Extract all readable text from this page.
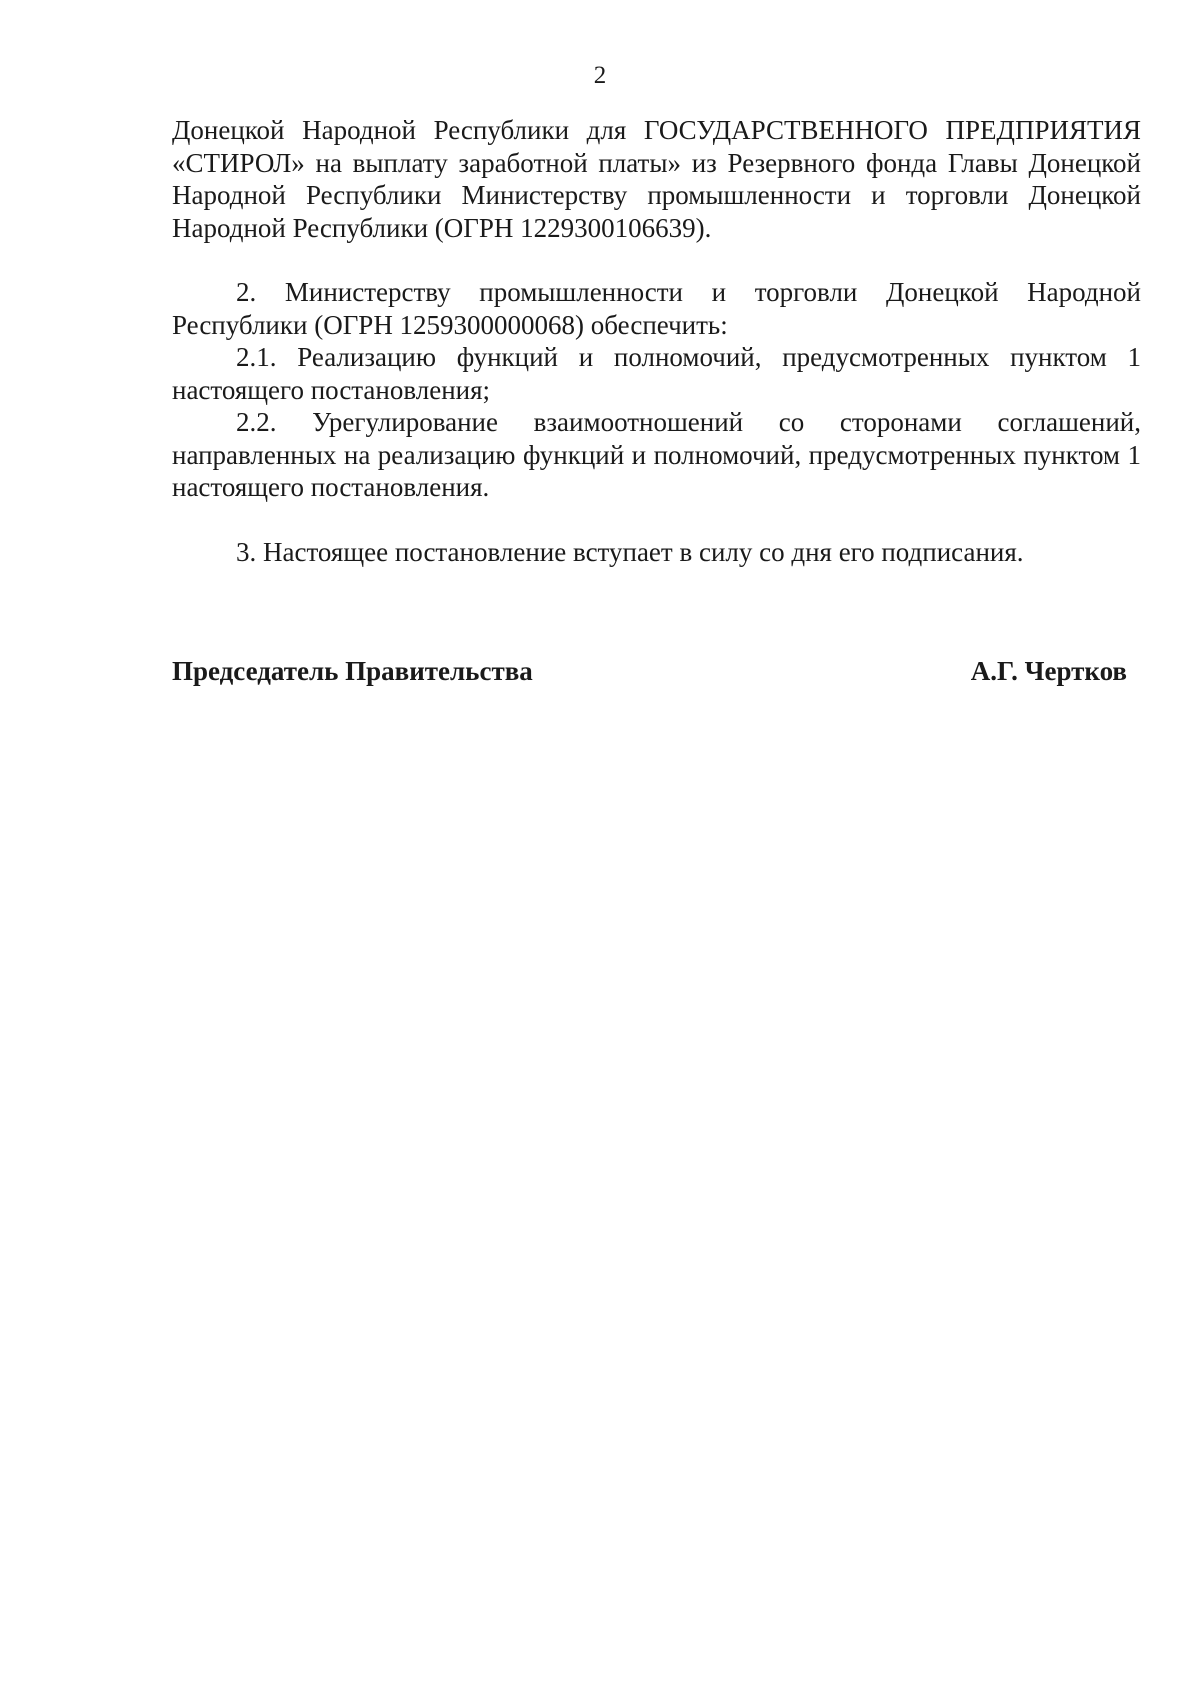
2

Донецкой Народной Республики для ГОСУДАРСТВЕННОГО ПРЕДПРИЯТИЯ «СТИРОЛ» на выплату заработной платы» из Резервного фонда Главы Донецкой Народной Республики Министерству промышленности и торговли Донецкой Народной Республики (ОГРН 1229300106639).

2. Министерству промышленности и торговли Донецкой Народной Республики (ОГРН 1259300000068) обеспечить:

2.1. Реализацию функций и полномочий, предусмотренных пунктом 1 настоящего постановления;

2.2. Урегулирование взаимоотношений со сторонами соглашений, направленных на реализацию функций и полномочий, предусмотренных пунктом 1 настоящего постановления.

3. Настоящее постановление вступает в силу со дня его подписания.

Председатель Правительства	А.Г. Чертков
